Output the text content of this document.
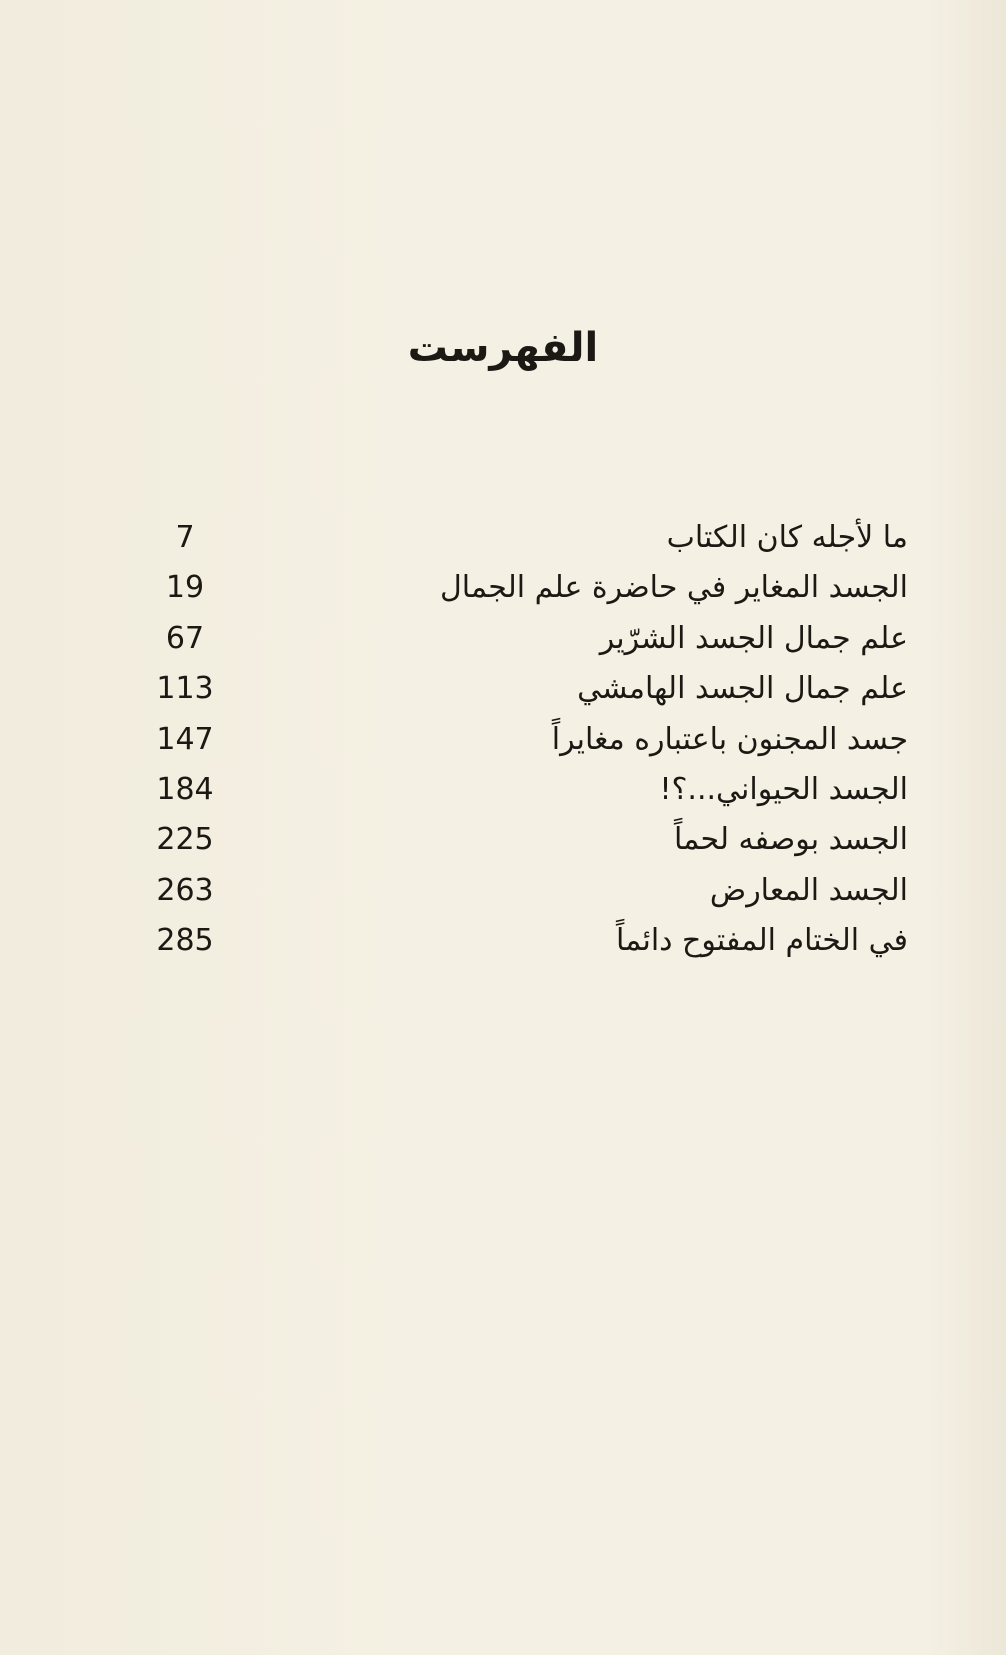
الفهرست
ما لأجله كان الكتاب
7
الجسد المغاير في حاضرة علم الجمال
19
علم جمال الجسد الشرّير
67
علم جمال الجسد الهامشي
113
جسد المجنون باعتباره مغايراً
147
الجسد الحيواني...؟!
184
الجسد بوصفه لحماً
225
الجسد المعارض
263
في الختام المفتوح دائماً
285
